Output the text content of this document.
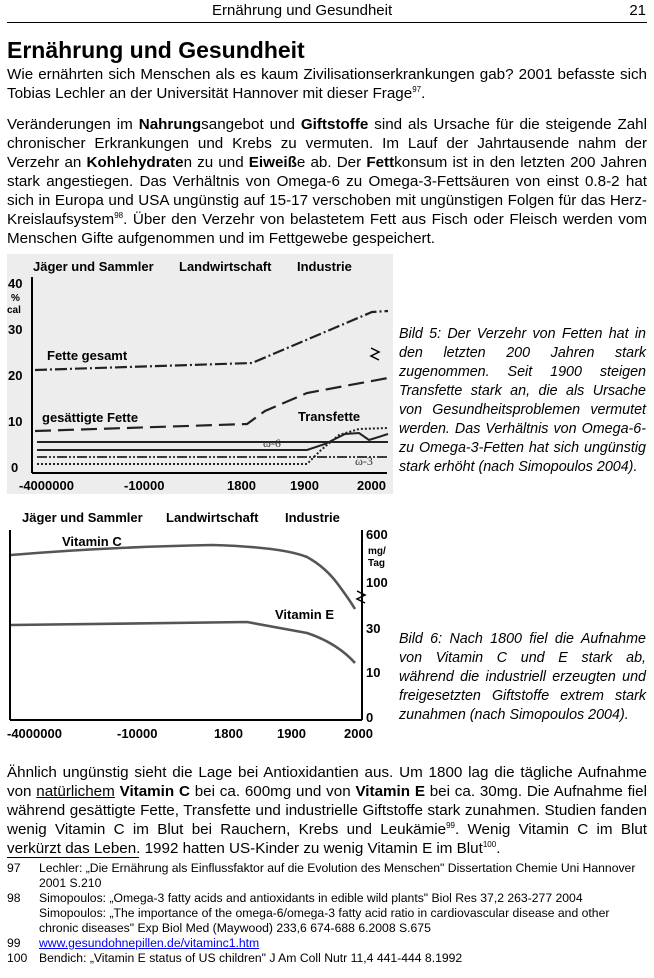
Ernährung und Gesundheit	21
Ernährung und Gesundheit

Wie ernährten sich Menschen als es kaum Zivilisationserkrankungen gab? 2001 befasste sich Tobias Lechler an der Universität Hannover mit dieser Frage$^{97}$.

Veränderungen im Nahrungsangebot und Giftstoffe sind als Ursache für die steigende Zahl chronischer Erkrankungen und Krebs zu vermuten. Im Lauf der Jahrtausende nahm der Verzehr an Kohlehydraten zu und Eiweiße ab. Der Fettkonsum ist in den letzten 200 Jahren stark angestiegen. Das Verhältnis von Omega-6 zu Omega-3-Fettsäuren von einst 0.8-2 hat sich in Europa und USA ungünstig auf 15-17 verschoben mit ungünstigen Folgen für das Herz-Kreislaufsystem$^{98}$. Über den Verzehr von belastetem Fett aus Fisch oder Fleisch werden vom Menschen Gifte aufgenommen und im Fettgewebe gespeichert.

Jäger und Sammler Landwirtschaft Industrie
40
%
cal
30
20
10
0
Fette gesamt
gesättigte Fette	Transfette
ω-6
ω-3
-4000000	-10000	1800	1900	2000

Bild 5: Der Verzehr von Fetten hat in den letzten 200 Jahren stark zugenommen. Seit 1900 steigen Transfette stark an, die als Ursache von Gesundheitsproblemen vermutet werden. Das Verhältnis von Omega-6- zu Omega-3-Fetten hat sich ungünstig stark erhöht (nach Simopoulos 2004).

Jäger und Sammler Landwirtschaft Industrie
Vitamin C
Vitamin E
600
mg/
Tag
100
30
10
0
-4000000	-10000	1800	1900	2000

Bild 6: Nach 1800 fiel die Aufnahme von Vitamin C und E stark ab, während die industriell erzeugten und freigesetzten Giftstoffe extrem stark zunahmen (nach Simopoulos 2004).

Ähnlich ungünstig sieht die Lage bei Antioxidantien aus. Um 1800 lag die tägliche Aufnahme von natürlichem Vitamin C bei ca. 600mg und von Vitamin E bei ca. 30mg. Die Aufnahme fiel während gesättigte Fette, Transfette und industrielle Giftstoffe stark zunahmen. Studien fanden wenig Vitamin C im Blut bei Rauchern, Krebs und Leukämie$^{99}$. Wenig Vitamin C im Blut verkürzt das Leben. 1992 hatten US-Kinder zu wenig Vitamin E im Blut$^{100}$.

97 Lechler: „Die Ernährung als Einflussfaktor auf die Evolution des Menschen" Dissertation Chemie Uni Hannover 2001 S.210
98 Simopoulos: „Omega-3 fatty acids and antioxidants in edible wild plants" Biol Res 37,2 263-277 2004
Simopoulos: „The importance of the omega-6/omega-3 fatty acid ratio in cardiovascular disease and other chronic diseases" Exp Biol Med (Maywood) 233,6 674-688 6.2008 S.675
99 www.gesundohnepillen.de/vitaminc1.htm
100 Bendich: „Vitamin E status of US children" J Am Coll Nutr 11,4 441-444 8.1992
